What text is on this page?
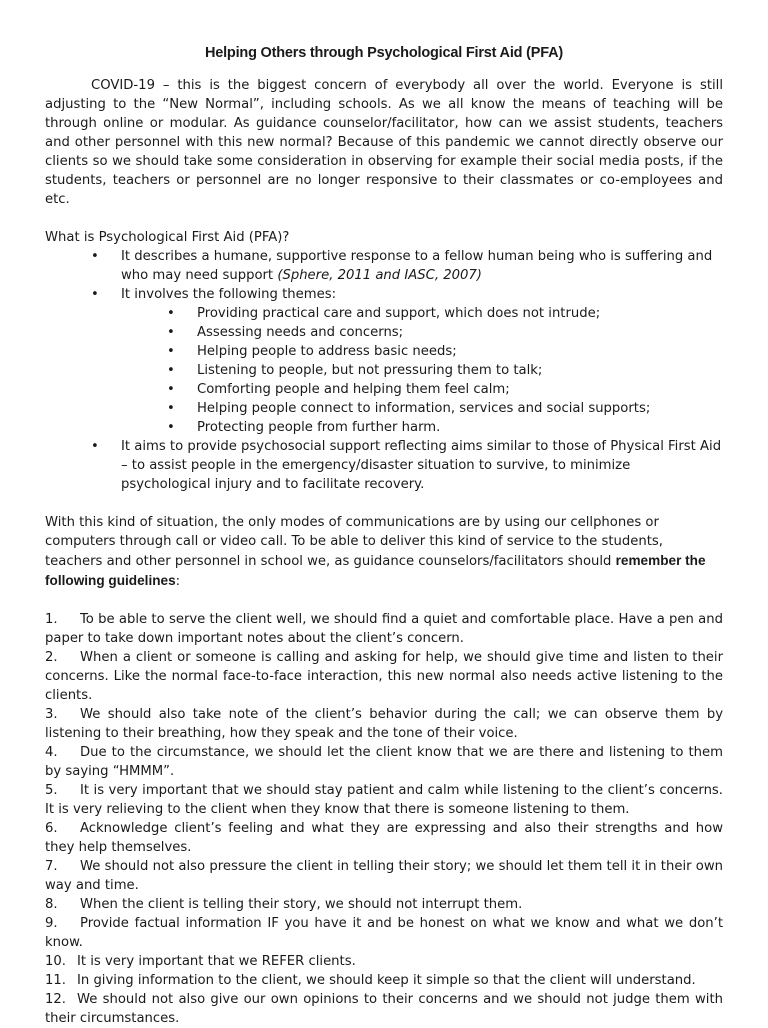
Helping Others through Psychological First Aid (PFA)

COVID-19 – this is the biggest concern of everybody all over the world. Everyone is still adjusting to the “New Normal”, including schools. As we all know the means of teaching will be through online or modular. As guidance counselor/facilitator, how can we assist students, teachers and other personnel with this new normal? Because of this pandemic we cannot directly observe our clients so we should take some consideration in observing for example their social media posts, if the students, teachers or personnel are no longer responsive to their classmates or co-employees and etc.

What is Psychological First Aid (PFA)?

• It describes a humane, supportive response to a fellow human being who is suffering and who may need support (Sphere, 2011 and IASC, 2007)
• It involves the following themes:
• Providing practical care and support, which does not intrude;
• Assessing needs and concerns;
• Helping people to address basic needs;
• Listening to people, but not pressuring them to talk;
• Comforting people and helping them feel calm;
• Helping people connect to information, services and social supports;
• Protecting people from further harm.
• It aims to provide psychosocial support reflecting aims similar to those of Physical First Aid – to assist people in the emergency/disaster situation to survive, to minimize psychological injury and to facilitate recovery.

With this kind of situation, the only modes of communications are by using our cellphones or computers through call or video call. To be able to deliver this kind of service to the students, teachers and other personnel in school we, as guidance counselors/facilitators should remember the following guidelines:

1. To be able to serve the client well, we should find a quiet and comfortable place. Have a pen and paper to take down important notes about the client’s concern.
2. When a client or someone is calling and asking for help, we should give time and listen to their concerns. Like the normal face-to-face interaction, this new normal also needs active listening to the clients.
3. We should also take note of the client’s behavior during the call; we can observe them by listening to their breathing, how they speak and the tone of their voice.
4. Due to the circumstance, we should let the client know that we are there and listening to them by saying “HMMM”.
5. It is very important that we should stay patient and calm while listening to the client’s concerns. It is very relieving to the client when they know that there is someone listening to them.
6. Acknowledge client’s feeling and what they are expressing and also their strengths and how they help themselves.
7. We should not also pressure the client in telling their story; we should let them tell it in their own way and time.
8. When the client is telling their story, we should not interrupt them.
9. Provide factual information IF you have it and be honest on what we know and what we don’t know.
10. It is very important that we REFER clients.
11. In giving information to the client, we should keep it simple so that the client will understand.
12. We should not also give our own opinions to their concerns and we should not judge them with their circumstances.
